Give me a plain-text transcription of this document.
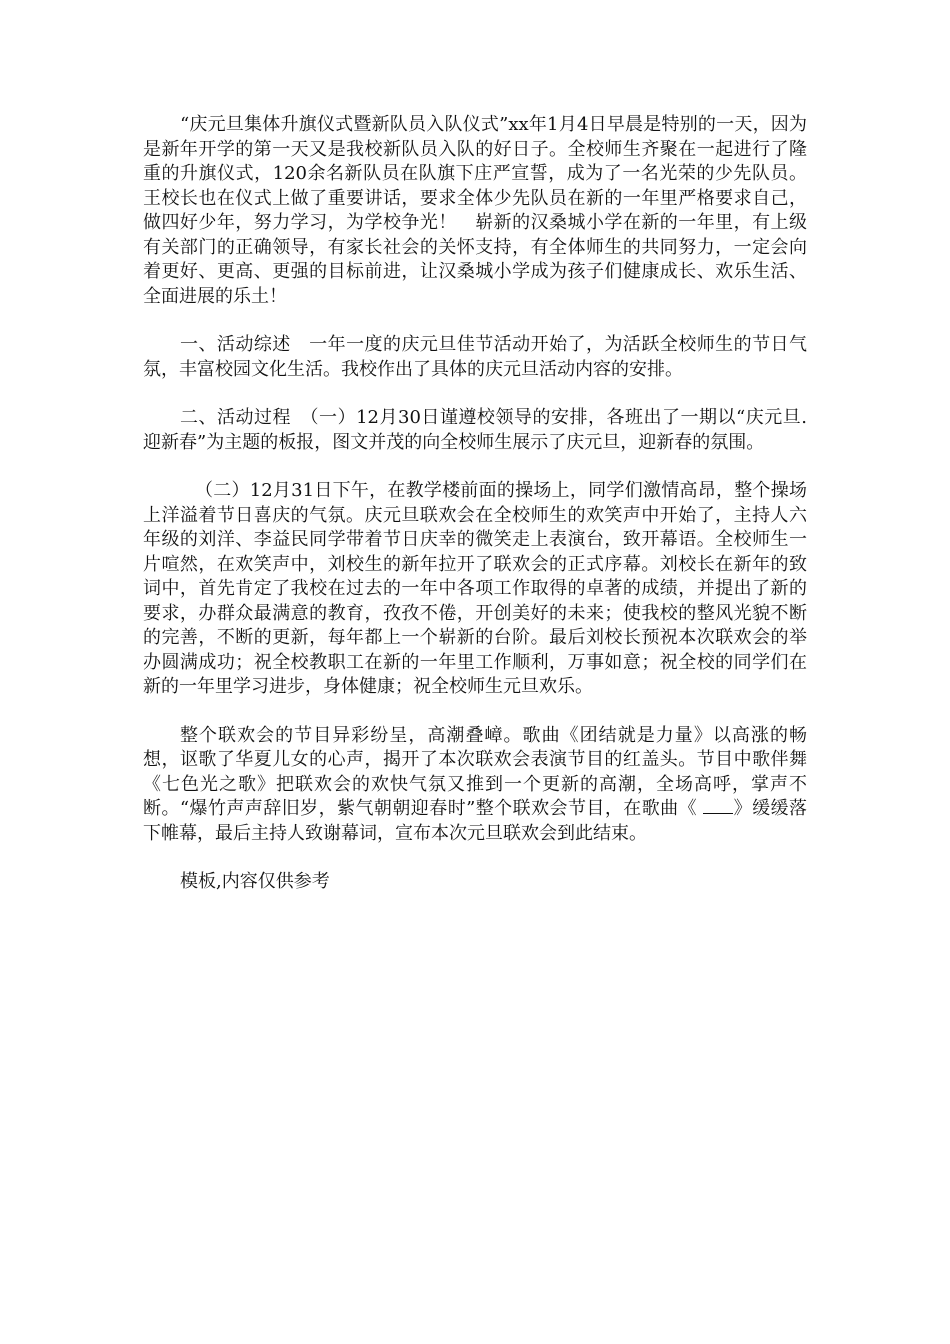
“庆元旦集体升旗仪式暨新队员入队仪式”xx年1月4日早晨是特别的一天，因为是新年开学的第一天又是我校新队员入队的好日子。全校师生齐聚在一起进行了隆重的升旗仪式，120余名新队员在队旗下庄严宣誓，成为了一名光荣的少先队员。王校长也在仪式上做了重要讲话，要求全体少先队员在新的一年里严格要求自己，做四好少年，努力学习，为学校争光！　崭新的汉桑城小学在新的一年里，有上级有关部门的正确领导，有家长社会的关怀支持，有全体师生的共同努力，一定会向着更好、更高、更强的目标前进，让汉桑城小学成为孩子们健康成长、欢乐生活、全面进展的乐土！

一、活动综述　一年一度的庆元旦佳节活动开始了，为活跃全校师生的节日气氛，丰富校园文化生活。我校作出了具体的庆元旦活动内容的安排。

二、活动过程　（一）12月30日谨遵校领导的安排，各班出了一期以“庆元旦.迎新春”为主题的板报，图文并茂的向全校师生展示了庆元旦，迎新春的氛围。

（二）12月31日下午，在教学楼前面的操场上，同学们激情高昂，整个操场上洋溢着节日喜庆的气氛。庆元旦联欢会在全校师生的欢笑声中开始了，主持人六年级的刘洋、李益民同学带着节日庆幸的微笑走上表演台，致开幕语。全校师生一片喧然，在欢笑声中，刘校生的新年拉开了联欢会的正式序幕。刘校长在新年的致词中，首先肯定了我校在过去的一年中各项工作取得的卓著的成绩，并提出了新的要求，办群众最满意的教育，孜孜不倦，开创美好的未来；使我校的整风光貌不断的完善，不断的更新，每年都上一个崭新的台阶。最后刘校长预祝本次联欢会的举办圆满成功；祝全校教职工在新的一年里工作顺利，万事如意；祝全校的同学们在新的一年里学习进步，身体健康；祝全校师生元旦欢乐。

整个联欢会的节目异彩纷呈，高潮叠嶂。歌曲《团结就是力量》以高涨的畅想，讴歌了华夏儿女的心声，揭开了本次联欢会表演节目的红盖头。节目中歌伴舞《七色光之歌》把联欢会的欢快气氛又推到一个更新的高潮，全场高呼，掌声不断。“爆竹声声辞旧岁，紫气朝朝迎春时”整个联欢会节目，在歌曲《 》缓缓落下帷幕，最后主持人致谢幕词，宣布本次元旦联欢会到此结束。

模板,内容仅供参考
